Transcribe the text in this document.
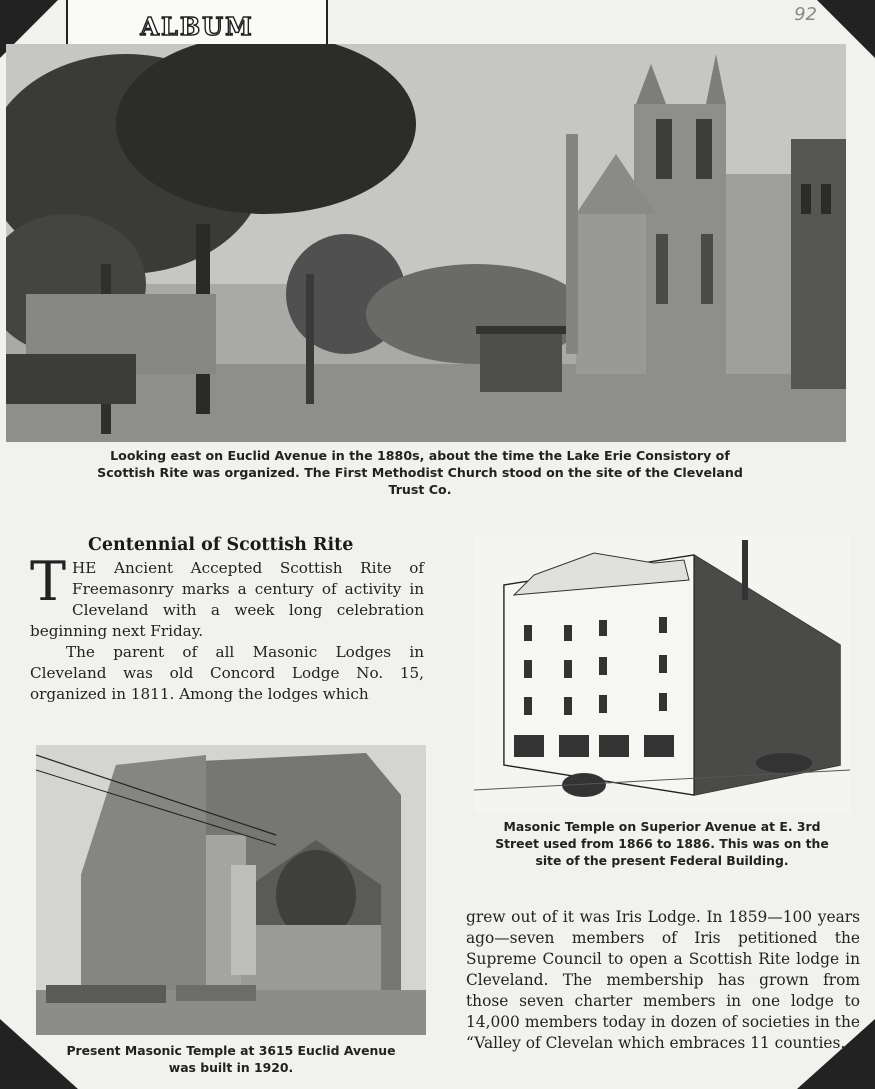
ALBUM	92
Looking east on Euclid Avenue in the 1880s, about the time the Lake Erie Consistory of
Scottish Rite was organized. The First Methodist Church stood on the site of the Cleveland
Trust Co.
Centennial of Scottish Rite
THE Ancient Accepted Scottish Rite of Freemasonry marks a century of activity in Cleveland with a week long celebration beginning next Friday.
The parent of all Masonic Lodges in Cleveland was old Concord Lodge No. 15, organized in 1811. Among the lodges which
Masonic Temple on Superior Avenue at E. 3rd
Street used from 1866 to 1886. This was on the
site of the present Federal Building.
Present Masonic Temple at 3615 Euclid Avenue
was built in 1920.
grew out of it was Iris Lodge. In 1859—100 years ago—seven members of Iris petitioned the Supreme Council to open a Scottish Rite lodge in Cleveland. The membership has grown from those seven charter members in one lodge to 14,000 members today in dozen of societies in the “Valley of Clevelan which embraces 11 counties.
